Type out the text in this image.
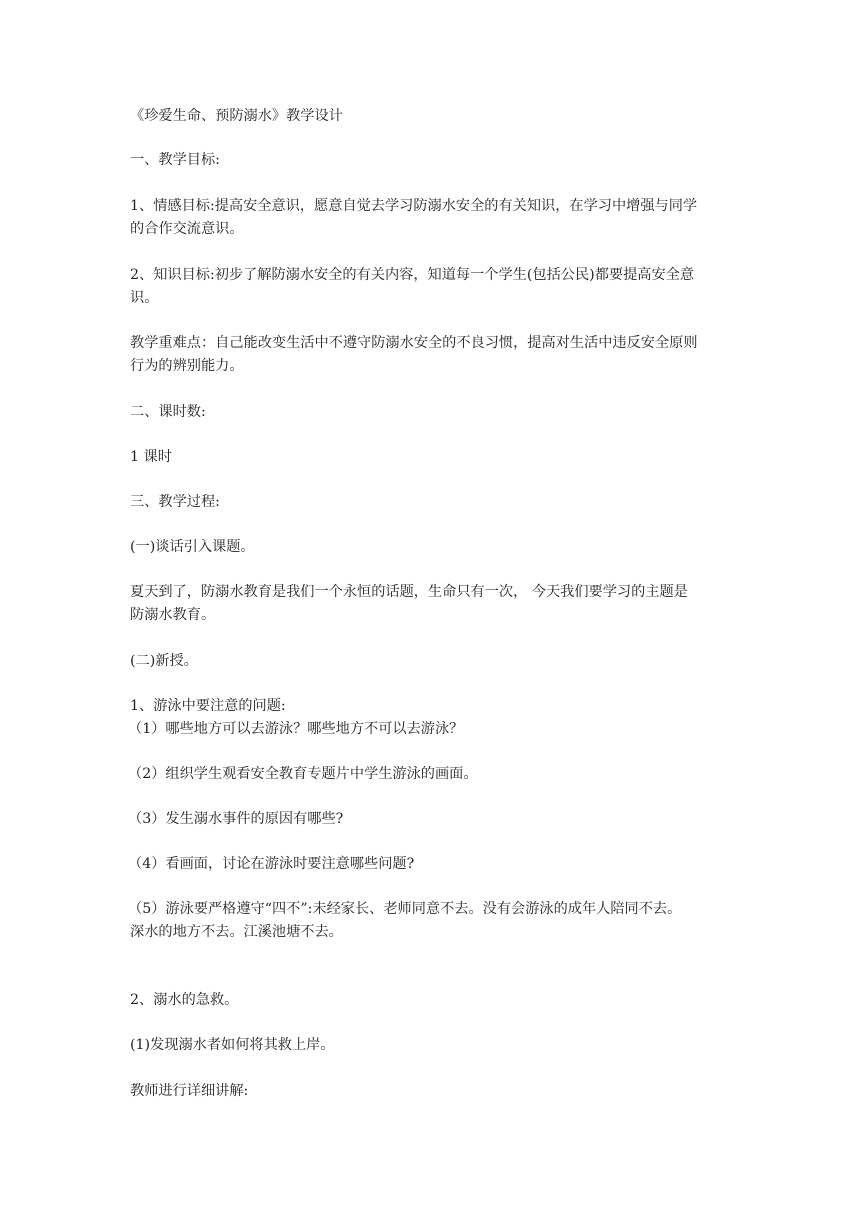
《珍爱生命、预防溺水》教学设计
一、教学目标:
1、情感目标:提高安全意识，愿意自觉去学习防溺水安全的有关知识，在学习中增强与同学
的合作交流意识。
2、知识目标:初步了解防溺水安全的有关内容，知道每一个学生(包括公民)都要提高安全意
识。
教学重难点：自己能改变生活中不遵守防溺水安全的不良习惯，提高对生活中违反安全原则
行为的辨别能力。
二、课时数:
1 课时
三、教学过程:
(一)谈话引入课题。
夏天到了，防溺水教育是我们一个永恒的话题，生命只有一次， 今天我们要学习的主题是
防溺水教育。
(二)新授。
1、游泳中要注意的问题:
（1）哪些地方可以去游泳？哪些地方不可以去游泳？
（2）组织学生观看安全教育专题片中学生游泳的画面。
（3）发生溺水事件的原因有哪些?
（4）看画面，讨论在游泳时要注意哪些问题?
（5）游泳要严格遵守“四不”:未经家长、老师同意不去。没有会游泳的成年人陪同不去。
深水的地方不去。江溪池塘不去。
2、溺水的急救。
(1)发现溺水者如何将其救上岸。
教师进行详细讲解:
